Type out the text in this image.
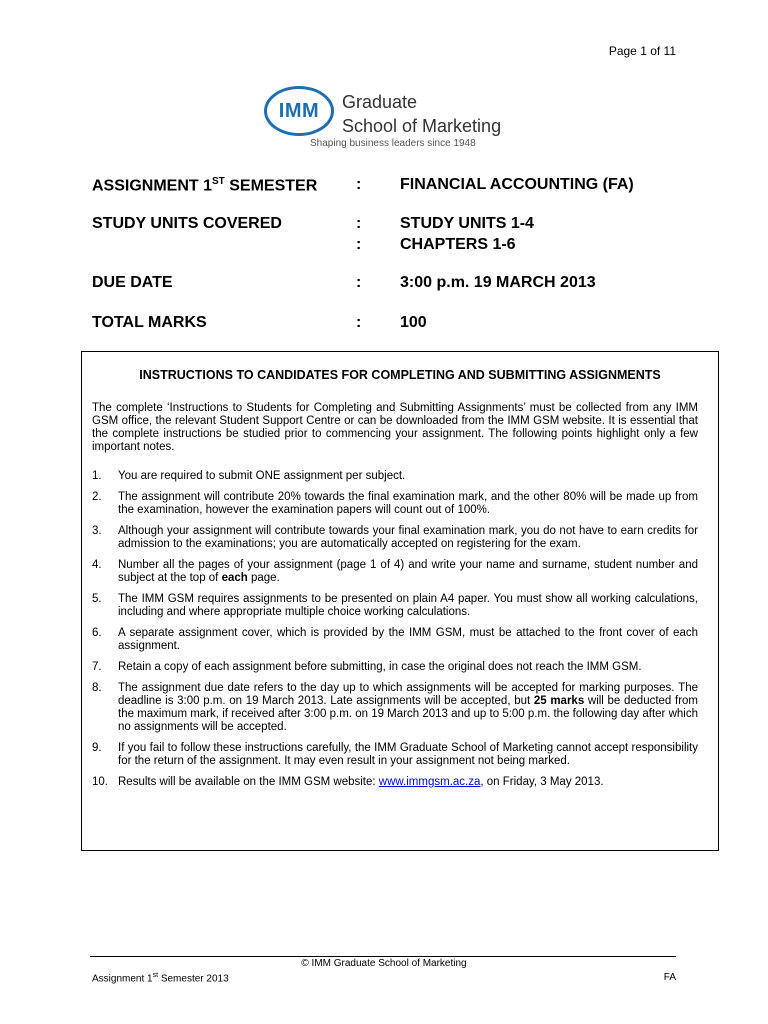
Page 1 of 11
IMM	Graduate
School of Marketing
Shaping business leaders since 1948
ASSIGNMENT 1ST SEMESTER : FINANCIAL ACCOUNTING (FA)
STUDY UNITS COVERED	: STUDY UNITS 1-4
: CHAPTERS 1-6
DUE DATE	: 3:00 p.m. 19 MARCH 2013
TOTAL MARKS	: 100
INSTRUCTIONS TO CANDIDATES FOR COMPLETING AND SUBMITTING ASSIGNMENTS
The complete ‘Instructions to Students for Completing and Submitting Assignments’ must be collected from any IMM GSM office, the relevant Student Support Centre or can be downloaded from the IMM GSM website. It is essential that the complete instructions be studied prior to commencing your assignment. The following points highlight only a few important notes.
1. You are required to submit ONE assignment per subject.
2. The assignment will contribute 20% towards the final examination mark, and the other 80% will be made up from the examination, however the examination papers will count out of 100%.
3. Although your assignment will contribute towards your final examination mark, you do not have to earn credits for admission to the examinations; you are automatically accepted on registering for the exam.
4. Number all the pages of your assignment (page 1 of 4) and write your name and surname, student number and subject at the top of each page.
5. The IMM GSM requires assignments to be presented on plain A4 paper. You must show all working calculations, including and where appropriate multiple choice working calculations.
6. A separate assignment cover, which is provided by the IMM GSM, must be attached to the front cover of each assignment.
7. Retain a copy of each assignment before submitting, in case the original does not reach the IMM GSM.
8. The assignment due date refers to the day up to which assignments will be accepted for marking purposes. The deadline is 3:00 p.m. on 19 March 2013. Late assignments will be accepted, but 25 marks will be deducted from the maximum mark, if received after 3:00 p.m. on 19 March 2013 and up to 5:00 p.m. the following day after which no assignments will be accepted.
9. If you fail to follow these instructions carefully, the IMM Graduate School of Marketing cannot accept responsibility for the return of the assignment. It may even result in your assignment not being marked.
10. Results will be available on the IMM GSM website: www.immgsm.ac.za, on Friday, 3 May 2013.
© IMM Graduate School of Marketing
Assignment 1st Semester 2013	FA
